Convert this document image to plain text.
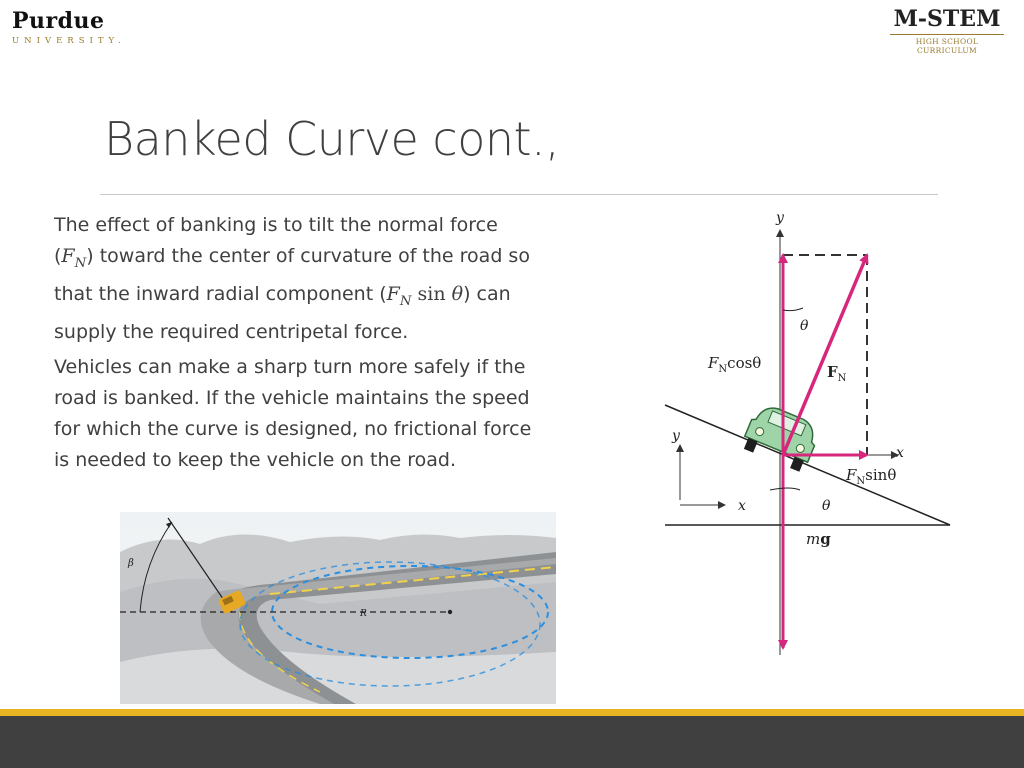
Purdue
UNIVERSITY.
M-STEM
HIGH SCHOOL CURRICULUM
Banked Curve cont.,

The effect of banking is to tilt the normal force
$(F_N)$ toward the center of curvature of the road so
that the inward radial component ($F_N$ sin θ) can
supply the required centripetal force.

Vehicles can make a sharp turn more safely if the
road is banked. If the vehicle maintains the speed
for which the curve is designed, no frictional force
is needed to keep the vehicle on the road.

R
β
y
x
θ
$F_N\cos\theta$	$F_N$
$F_N\sin\theta$
y
x	θ
mg
